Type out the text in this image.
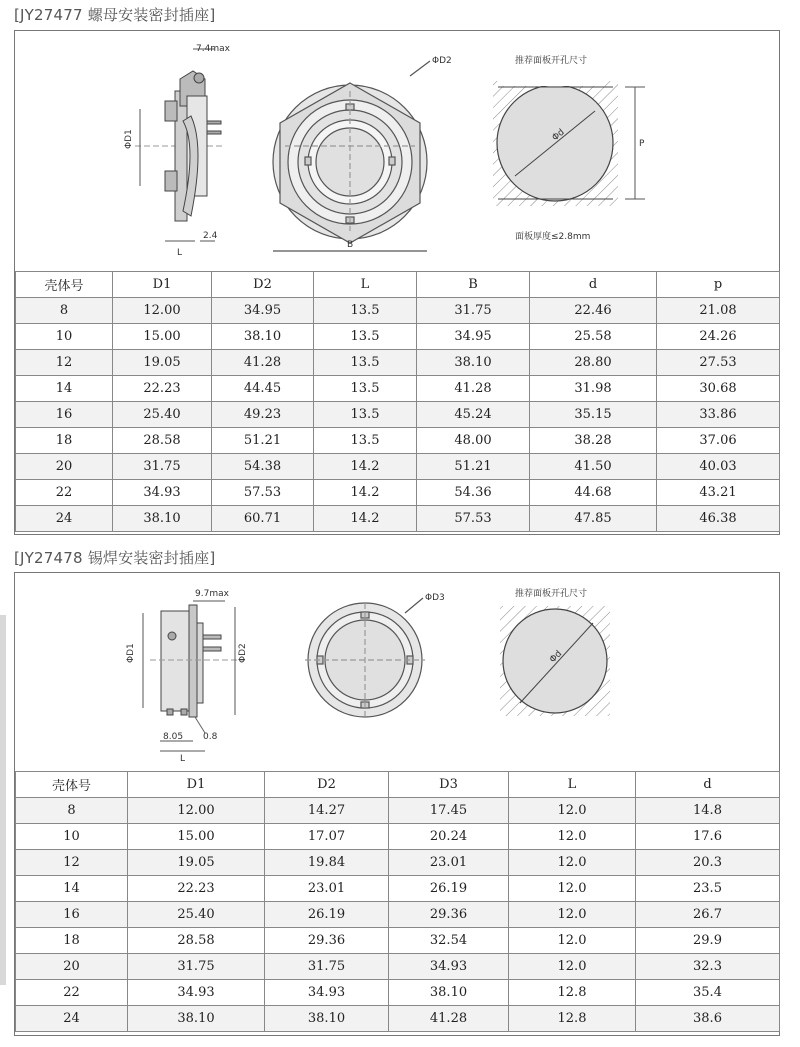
[JY27477 螺母安装密封插座]
7.4max
ΦD1
2.4
L
ΦD2
B
推荐面板开孔尺寸
Φd
P
面板厚度≤2.8mm
壳体号	D1	D2	L	B	d	p
8	12.00	34.95	13.5	31.75	22.46	21.08
10	15.00	38.10	13.5	34.95	25.58	24.26
12	19.05	41.28	13.5	38.10	28.80	27.53
14	22.23	44.45	13.5	41.28	31.98	30.68
16	25.40	49.23	13.5	45.24	35.15	33.86
18	28.58	51.21	13.5	48.00	38.28	37.06
20	31.75	54.38	14.2	51.21	41.50	40.03
22	34.93	57.53	14.2	54.36	44.68	43.21
24	38.10	60.71	14.2	57.53	47.85	46.38
[JY27478 锡焊安装密封插座]
9.7max
ΦD1	ΦD2
8.05 0.8
L
ΦD3	推荐面板开孔尺寸
Φd
壳体号	D1	D2	D3	L	d
8	12.00	14.27	17.45	12.0	14.8
10	15.00	17.07	20.24	12.0	17.6
12	19.05	19.84	23.01	12.0	20.3
14	22.23	23.01	26.19	12.0	23.5
16	25.40	26.19	29.36	12.0	26.7
18	28.58	29.36	32.54	12.0	29.9
20	31.75	31.75	34.93	12.0	32.3
22	34.93	34.93	38.10	12.8	35.4
24	38.10	38.10	41.28	12.8	38.6
